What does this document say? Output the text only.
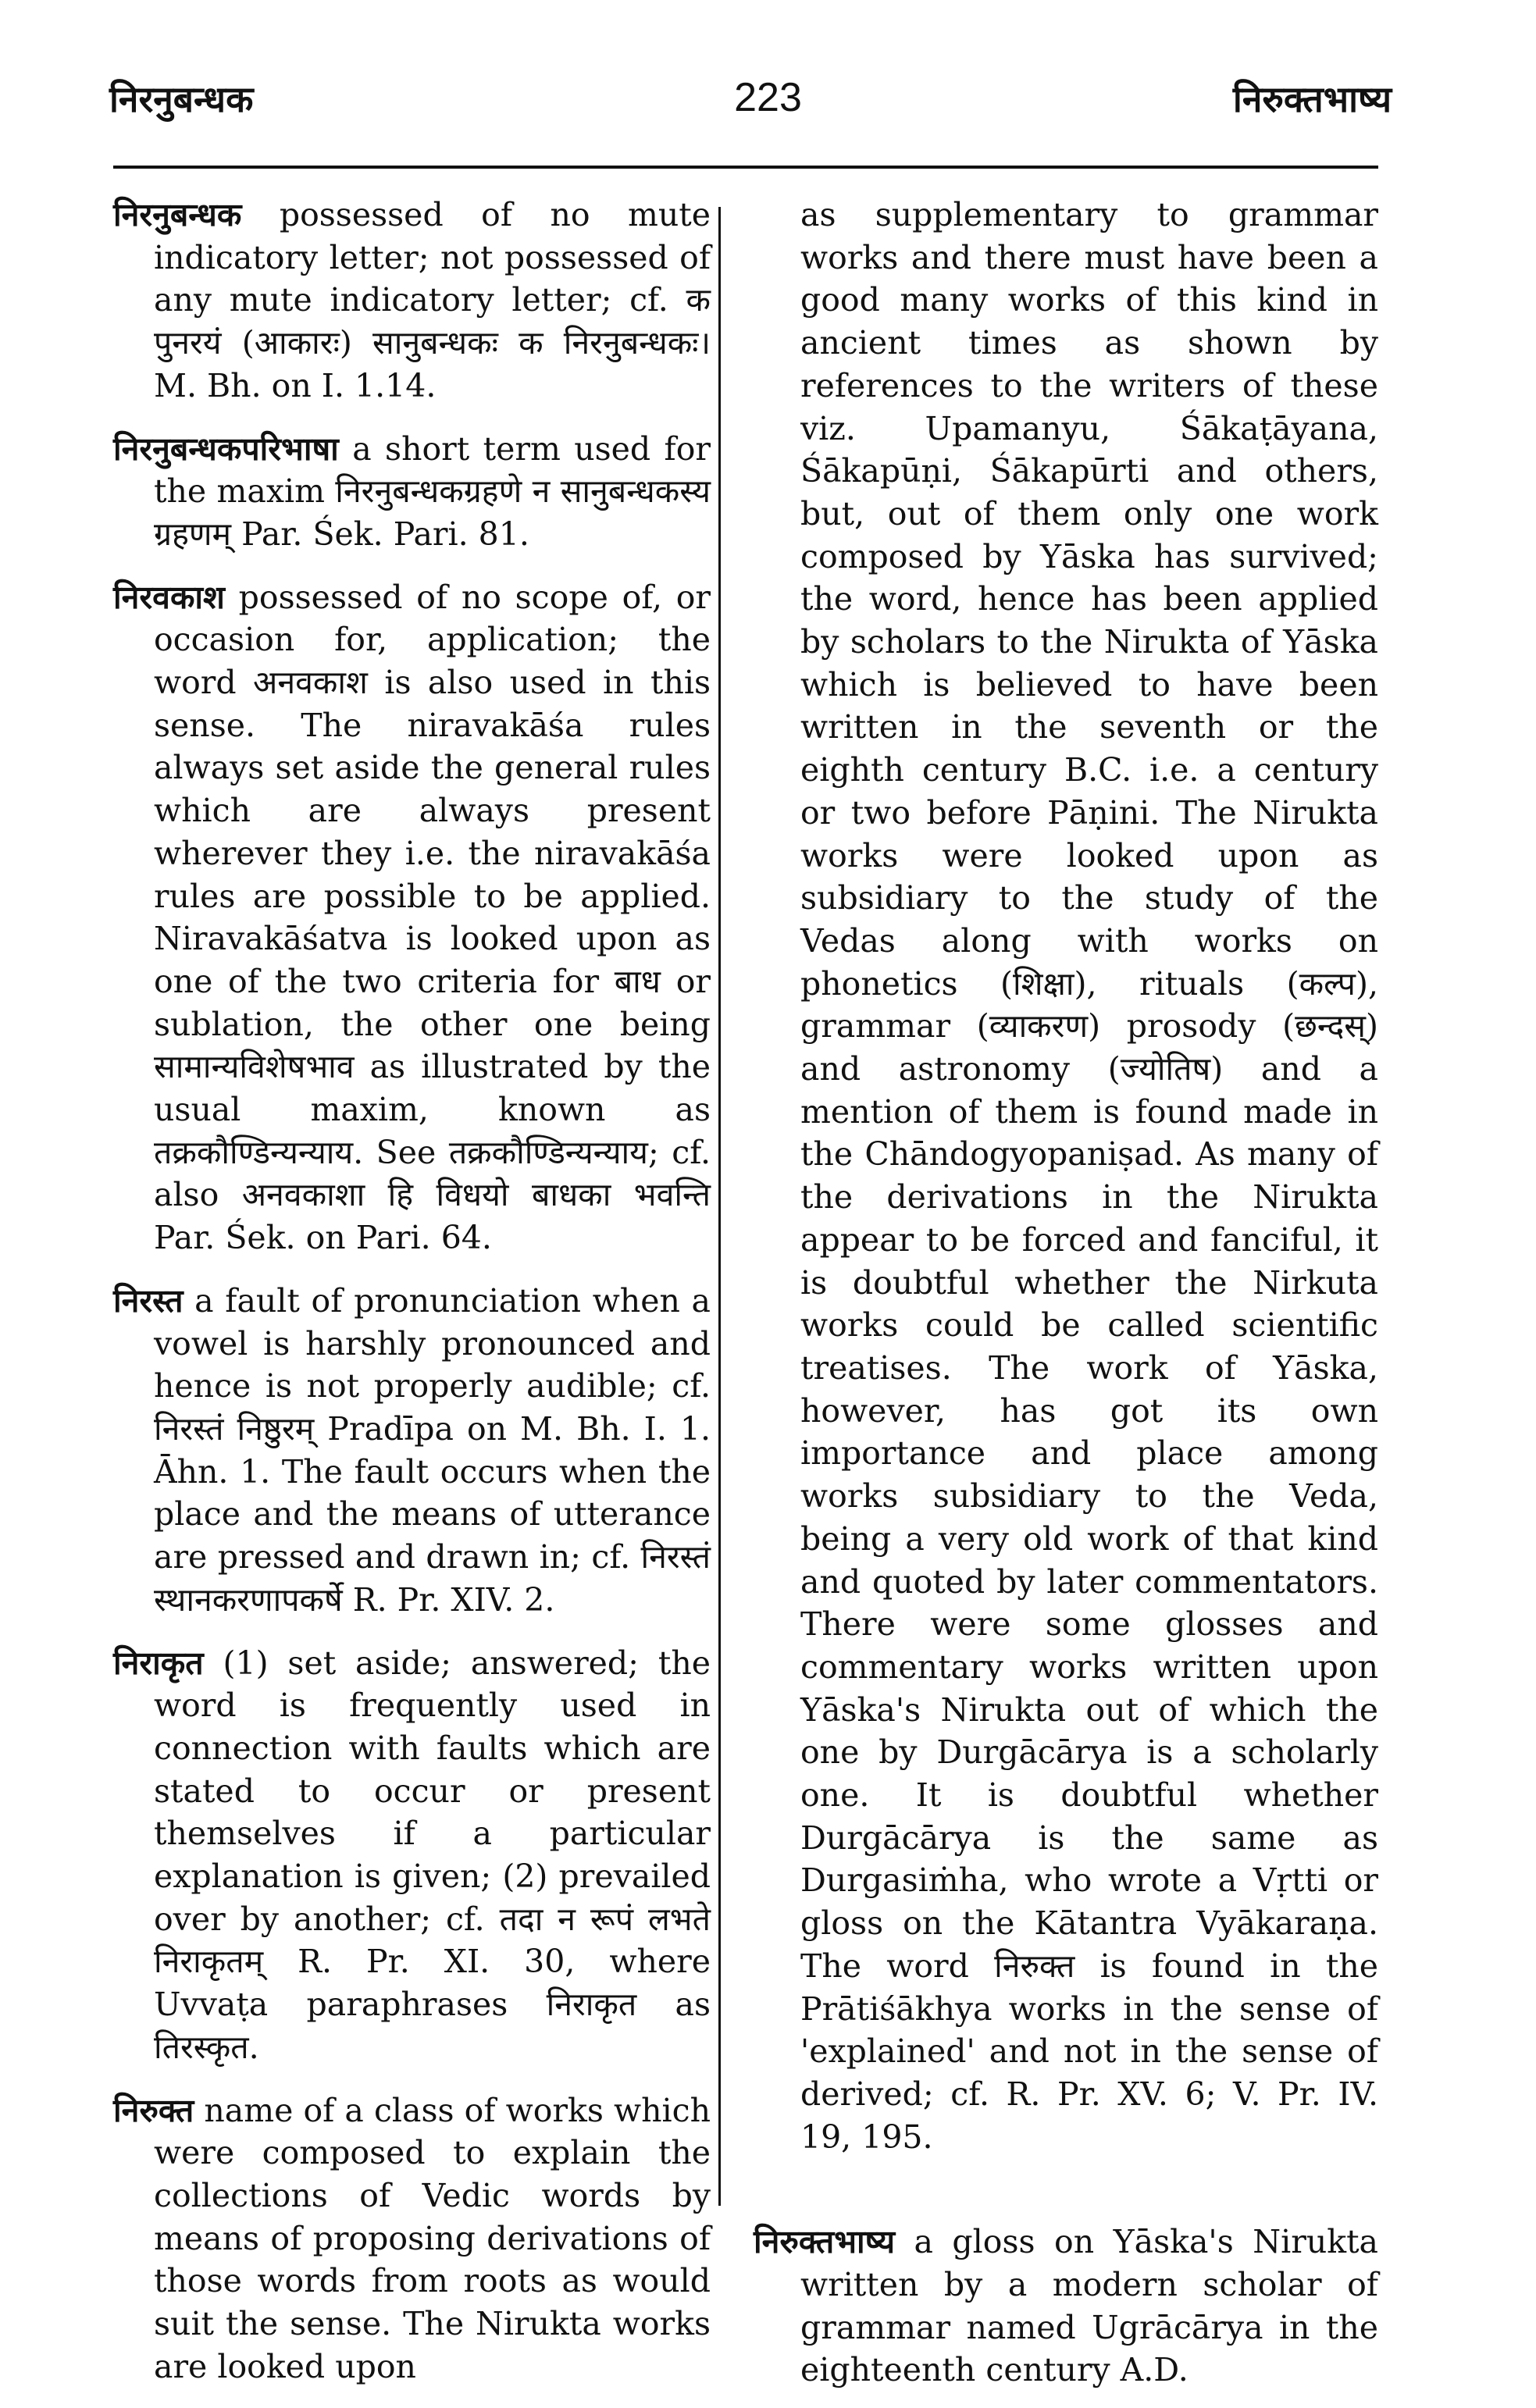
निरनुबन्धक	223	निरुक्तभाष्य

निरनुबन्धक possessed of no mute indicatory letter; not possessed of any mute indicatory letter; cf. क पुनरयं (आकारः) सानुबन्धकः क निरनुबन्धकः। M. Bh. on I. 1.14.

निरनुबन्धकपरिभाषा a short term used for the maxim निरनुबन्धकग्रहणे न सानुबन्धकस्य ग्रहणम् Par. Śek. Pari. 81.

निरवकाश possessed of no scope of, or occasion for, application; the word अनवकाश is also used in this sense. The niravakāśa rules always set aside the general rules which are always present wherever they i.e. the niravakāśa rules are possible to be applied. Niravakāśatva is looked upon as one of the two criteria for बाध or sublation, the other one being सामान्यविशेषभाव as illustrated by the usual maxim, known as तक्रकौण्डिन्यन्याय. See तक्रकौण्डिन्यन्याय; cf. also अनवकाशा हि विधयो बाधका भवन्ति Par. Śek. on Pari. 64.

निरस्त a fault of pronunciation when a vowel is harshly pronounced and hence is not properly audible; cf. निरस्तं निष्ठुरम् Pradīpa on M. Bh. I. 1. Āhn. 1. The fault occurs when the place and the means of utterance are pressed and drawn in; cf. निरस्तं स्थानकरणापकर्षे R. Pr. XIV. 2.

निराकृत (1) set aside; answered; the word is frequently used in connection with faults which are stated to occur or present themselves if a particular explanation is given; (2) prevailed over by another; cf. तदा न रूपं लभते निराकृतम् R. Pr. XI. 30, where Uvvaṭa paraphrases निराकृत as तिरस्कृत.

निरुक्त name of a class of works which were composed to explain the collections of Vedic words by means of proposing derivations of those words from roots as would suit the sense. The Nirukta works are looked upon

as supplementary to grammar works and there must have been a good many works of this kind in ancient times as shown by references to the writers of these viz. Upamanyu, Śākaṭāyana, Śākapūṇi, Śākapūrti and others, but, out of them only one work composed by Yāska has survived; the word, hence has been applied by scholars to the Nirukta of Yāska which is believed to have been written in the seventh or the eighth century B.C. i.e. a century or two before Pāṇini. The Nirukta works were looked upon as subsidiary to the study of the Vedas along with works on phonetics (शिक्षा), rituals (कल्प), grammar (व्याकरण) prosody (छन्दस्) and astronomy (ज्योतिष) and a mention of them is found made in the Chāndogyopaniṣad. As many of the derivations in the Nirukta appear to be forced and fanciful, it is doubtful whether the Nirkuta works could be called scientific treatises. The work of Yāska, however, has got its own importance and place among works subsidiary to the Veda, being a very old work of that kind and quoted by later commentators. There were some glosses and commentary works written upon Yāska's Nirukta out of which the one by Durgācārya is a scholarly one. It is doubtful whether Durgācārya is the same as Durgasiṁha, who wrote a Vṛtti or gloss on the Kātantra Vyākaraṇa. The word निरुक्त is found in the Prātiśākhya works in the sense of 'explained' and not in the sense of derived; cf. R. Pr. XV. 6; V. Pr. IV. 19, 195.

निरुक्तभाष्य a gloss on Yāska's Nirukta written by a modern scholar of grammar named Ugrācārya in the eighteenth century A.D.
